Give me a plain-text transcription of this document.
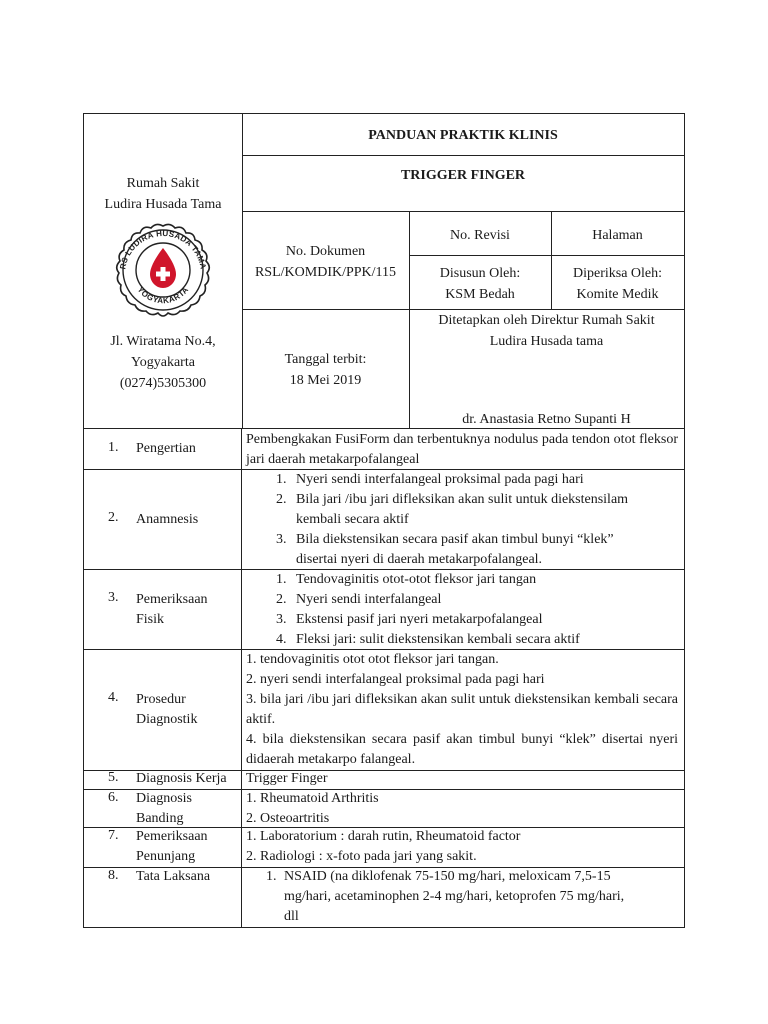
Rumah Sakit
Ludira Husada Tama
RS LUDIRA HUSADA TAMA
YOGYAKARTA
Jl. Wiratama No.4,
Yogyakarta
(0274)5305300
PANDUAN PRAKTIK KLINIS
TRIGGER FINGER
No. Dokumen
RSL/KOMDIK/PPK/115
No. Revisi	Halaman
Disusun Oleh:
KSM Bedah
Diperiksa Oleh:
Komite Medik
Tanggal terbit:
18 Mei 2019
Ditetapkan oleh Direktur Rumah Sakit
Ludira Husada tama
dr. Anastasia Retno Supanti H
1. Pengertian
Pembengkakan FusiForm dan terbentuknya nodulus pada tendon otot fleksor jari daerah metakarpofalangeal
2. Anamnesis
1. Nyeri sendi interfalangeal proksimal pada pagi hari
2. Bila jari /ibu jari difleksikan akan sulit untuk diekstensilam
kembali secara aktif
3. Bila diekstensikan secara pasif akan timbul bunyi “klek”
disertai nyeri di daerah metakarpofalangeal.
3. Pemeriksaan
Fisik
1. Tendovaginitis otot-otot fleksor jari tangan
2. Nyeri sendi interfalangeal
3. Ekstensi pasif jari nyeri metakarpofalangeal
4. Fleksi jari: sulit diekstensikan kembali secara aktif
4. Prosedur
Diagnostik
1. tendovaginitis otot otot fleksor jari tangan.
2. nyeri sendi interfalangeal proksimal pada pagi hari
3. bila jari /ibu jari difleksikan akan sulit untuk diekstensikan kembali secara aktif.
4. bila diekstensikan secara pasif akan timbul bunyi “klek” disertai nyeri didaerah metakarpo falangeal.
5. Diagnosis Kerja Trigger Finger
6. Diagnosis
Banding
1. Rheumatoid Arthritis
2. Osteoartritis
7. Pemeriksaan
Penunjang
1. Laboratorium : darah rutin, Rheumatoid factor
2. Radiologi : x-foto pada jari yang sakit.
8. Tata Laksana	1. NSAID (na diklofenak 75-150 mg/hari, meloxicam 7,5-15
mg/hari, acetaminophen 2-4 mg/hari, ketoprofen 75 mg/hari,
dll
